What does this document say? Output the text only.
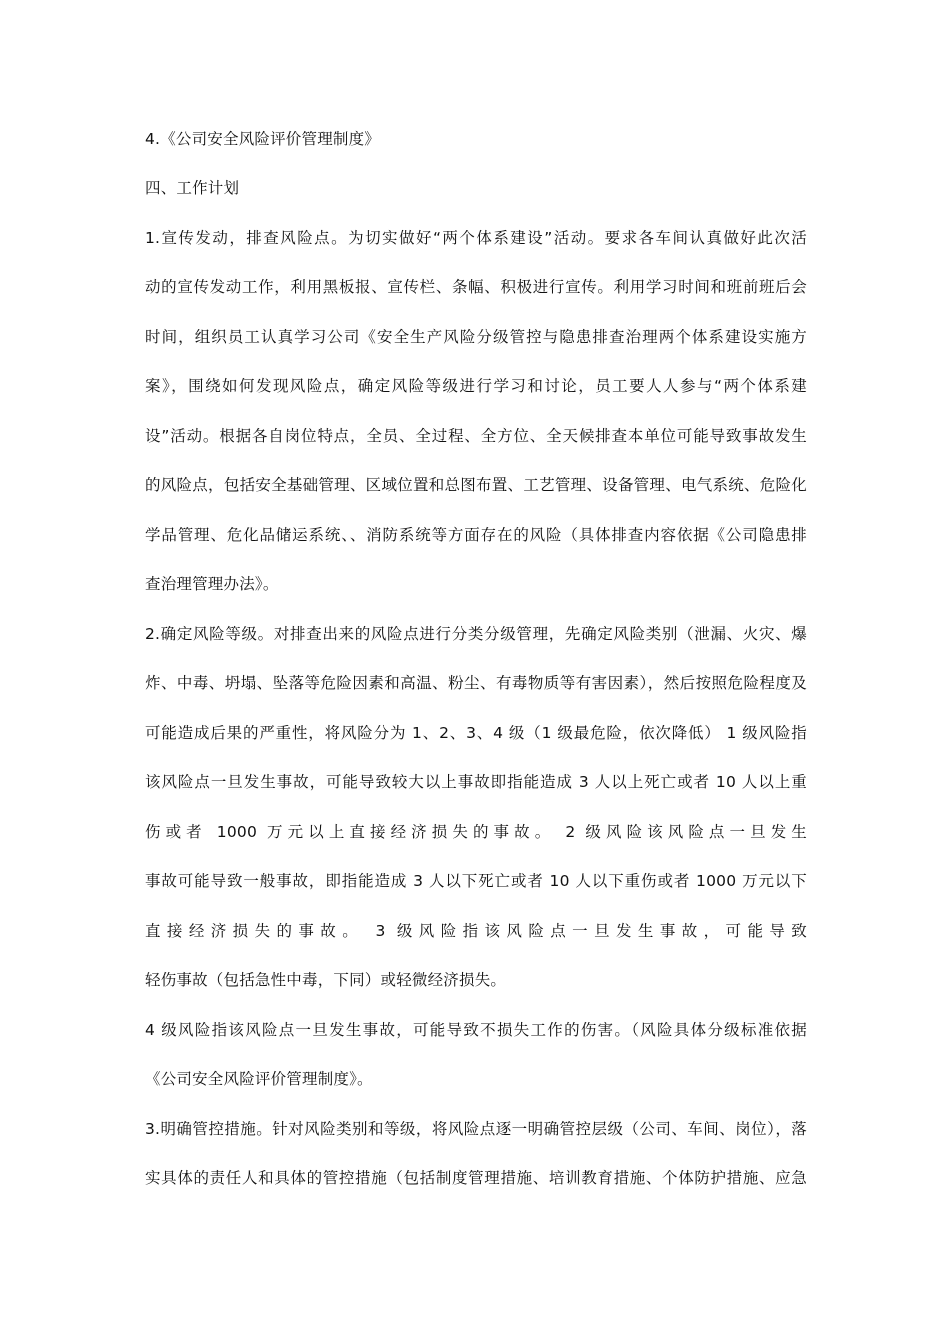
4.《公司安全风险评价管理制度》
四、工作计划
1.宣传发动，排查风险点。为切实做好“两个体系建设”活动。要求各车间认真做好此次活
动的宣传发动工作，利用黑板报、宣传栏、条幅、积极进行宣传。利用学习时间和班前班后会
时间，组织员工认真学习公司《安全生产风险分级管控与隐患排查治理两个体系建设实施方
案》，围绕如何发现风险点，确定风险等级进行学习和讨论，员工要人人参与“两个体系建
设”活动。根据各自岗位特点，全员、全过程、全方位、全天候排查本单位可能导致事故发生
的风险点，包括安全基础管理、区域位置和总图布置、工艺管理、设备管理、电气系统、危险化
学品管理、危化品储运系统、、消防系统等方面存在的风险（具体排查内容依据《公司隐患排
查治理管理办法》。
2.确定风险等级。对排查出来的风险点进行分类分级管理，先确定风险类别（泄漏、火灾、爆
炸、中毒、坍塌、坠落等危险因素和高温、粉尘、有毒物质等有害因素），然后按照危险程度及
可能造成后果的严重性，将风险分为 1、2、3、4 级（1 级最危险，依次降低） 1 级风险指
该风险点一旦发生事故，可能导致较大以上事故即指能造成 3 人以上死亡或者 10 人以上重
伤或者 1000 万元以上直接经济损失的事故。 2 级风险该风险点一旦发生
事故可能导致一般事故，即指能造成 3 人以下死亡或者 10 人以下重伤或者 1000 万元以下
直接经济损失的事故。 3 级风险指该风险点一旦发生事故，可能导致
轻伤事故（包括急性中毒，下同）或轻微经济损失。
4 级风险指该风险点一旦发生事故，可能导致不损失工作的伤害。（风险具体分级标准依据
《公司安全风险评价管理制度》。
3.明确管控措施。针对风险类别和等级，将风险点逐一明确管控层级（公司、车间、岗位），落
实具体的责任人和具体的管控措施（包括制度管理措施、培训教育措施、个体防护措施、应急
